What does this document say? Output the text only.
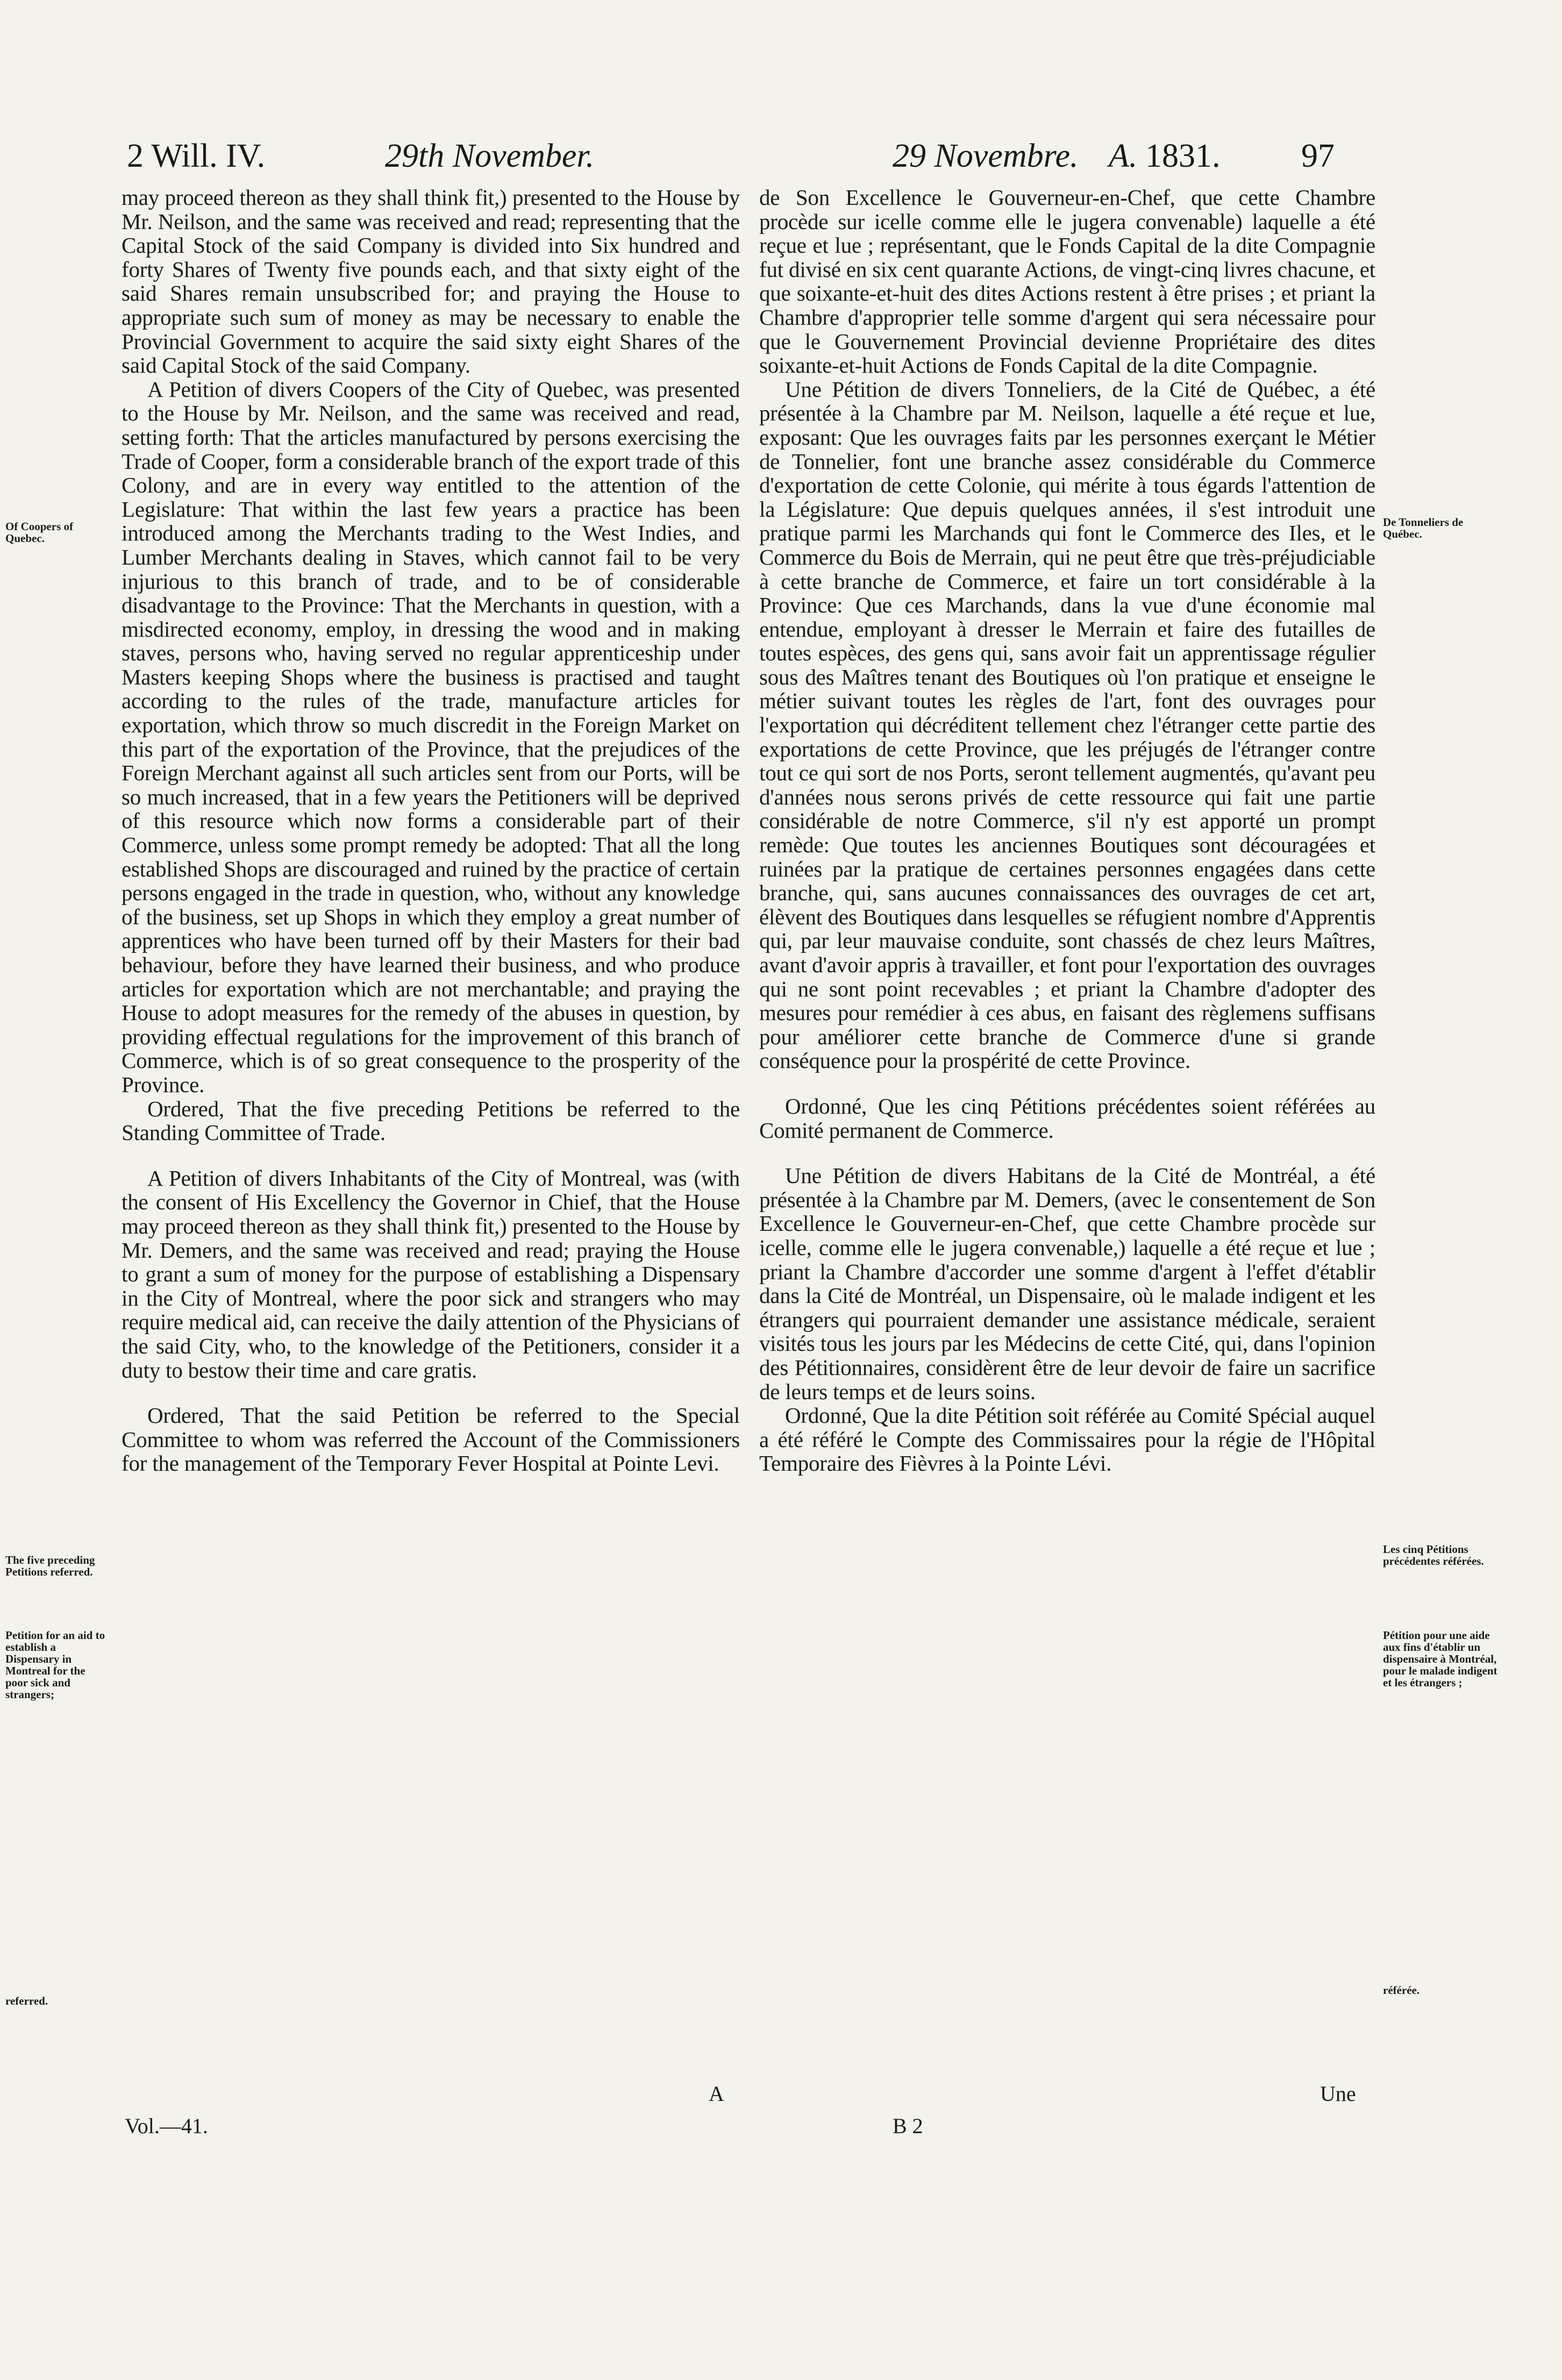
2 Will. IV.	29th November.	29 Novembre. A. 1831. 97

may proceed thereon as they shall think fit,) presented to the House by Mr. Neilson, and the same was received and read; representing that the Capital Stock of the said Company is divided into Six hundred and forty Shares of Twenty five pounds each, and that sixty eight of the said Shares remain unsubscribed for; and praying the House to appropriate such sum of money as may be necessary to enable the Provincial Government to acquire the said sixty eight Shares of the said Capital Stock of the said Company.

A Petition of divers Coopers of the City of Quebec, was presented to the House by Mr. Neilson, and the same was received and read, setting forth: That the articles manufactured by persons exercising the Trade of Cooper, form a considerable branch of the export trade of this Colony, and are in every way entitled to the attention of the Legislature: That within the last few years a practice has been introduced among the Merchants trading to the West Indies, and Lumber Merchants dealing in Staves, which cannot fail to be very injurious to this branch of trade, and to be of considerable disadvantage to the Province: That the Merchants in question, with a misdirected economy, employ, in dressing the wood and in making staves, persons who, having served no regular apprenticeship under Masters keeping Shops where the business is practised and taught according to the rules of the trade, manufacture articles for exportation, which throw so much discredit in the Foreign Market on this part of the exportation of the Province, that the prejudices of the Foreign Merchant against all such articles sent from our Ports, will be so much increased, that in a few years the Petitioners will be deprived of this resource which now forms a considerable part of their Commerce, unless some prompt remedy be adopted: That all the long established Shops are discouraged and ruined by the practice of certain persons engaged in the trade in question, who, without any knowledge of the business, set up Shops in which they employ a great number of apprentices who have been turned off by their Masters for their bad behaviour, before they have learned their business, and who produce articles for exportation which are not merchantable; and praying the House to adopt measures for the remedy of the abuses in question, by providing effectual regulations for the improvement of this branch of Commerce, which is of so great consequence to the prosperity of the Province.

Ordered, That the five preceding Petitions be referred to the Standing Committee of Trade.

A Petition of divers Inhabitants of the City of Montreal, was (with the consent of His Excellency the Governor in Chief, that the House may proceed thereon as they shall think fit,) presented to the House by Mr. Demers, and the same was received and read; praying the House to grant a sum of money for the purpose of establishing a Dispensary in the City of Montreal, where the poor sick and strangers who may require medical aid, can receive the daily attention of the Physicians of the said City, who, to the knowledge of the Petitioners, consider it a duty to bestow their time and care gratis.

Ordered, That the said Petition be referred to the Special Committee to whom was referred the Account of the Commissioners for the management of the Temporary Fever Hospital at Pointe Levi.

de Son Excellence le Gouverneur-en-Chef, que cette Chambre procède sur icelle comme elle le jugera convenable) laquelle a été reçue et lue ; représentant, que le Fonds Capital de la dite Compagnie fut divisé en six cent quarante Actions, de vingt-cinq livres chacune, et que soixante-et-huit des dites Actions restent à être prises ; et priant la Chambre d'approprier telle somme d'argent qui sera nécessaire pour que le Gouvernement Provincial devienne Propriétaire des dites soixante-et-huit Actions de Fonds Capital de la dite Compagnie.

Une Pétition de divers Tonneliers, de la Cité de Québec, a été présentée à la Chambre par M. Neilson, laquelle a été reçue et lue, exposant: Que les ouvrages faits par les personnes exerçant le Métier de Tonnelier, font une branche assez considérable du Commerce d'exportation de cette Colonie, qui mérite à tous égards l'attention de la Législature: Que depuis quelques années, il s'est introduit une pratique parmi les Marchands qui font le Commerce des Iles, et le Commerce du Bois de Merrain, qui ne peut être que très-préjudiciable à cette branche de Commerce, et faire un tort considérable à la Province: Que ces Marchands, dans la vue d'une économie mal entendue, employant à dresser le Merrain et faire des futailles de toutes espèces, des gens qui, sans avoir fait un apprentissage régulier sous des Maîtres tenant des Boutiques où l'on pratique et enseigne le métier suivant toutes les règles de l'art, font des ouvrages pour l'exportation qui décréditent tellement chez l'étranger cette partie des exportations de cette Province, que les préjugés de l'étranger contre tout ce qui sort de nos Ports, seront tellement augmentés, qu'avant peu d'années nous serons privés de cette ressource qui fait une partie considérable de notre Commerce, s'il n'y est apporté un prompt remède: Que toutes les anciennes Boutiques sont découragées et ruinées par la pratique de certaines personnes engagées dans cette branche, qui, sans aucunes connaissances des ouvrages de cet art, élèvent des Boutiques dans lesquelles se réfugient nombre d'Apprentis qui, par leur mauvaise conduite, sont chassés de chez leurs Maîtres, avant d'avoir appris à travailler, et font pour l'exportation des ouvrages qui ne sont point recevables ; et priant la Chambre d'adopter des mesures pour remédier à ces abus, en faisant des règlemens suffisans pour améliorer cette branche de Commerce d'une si grande conséquence pour la prospérité de cette Province.

Ordonné, Que les cinq Pétitions précédentes soient référées au Comité permanent de Commerce.

Une Pétition de divers Habitans de la Cité de Montréal, a été présentée à la Chambre par M. Demers, (avec le consentement de Son Excellence le Gouverneur-en-Chef, que cette Chambre procède sur icelle, comme elle le jugera convenable,) laquelle a été reçue et lue ; priant la Chambre d'accorder une somme d'argent à l'effet d'établir dans la Cité de Montréal, un Dispensaire, où le malade indigent et les étrangers qui pourraient demander une assistance médicale, seraient visités tous les jours par les Médecins de cette Cité, qui, dans l'opinion des Pétitionnaires, considèrent être de leur devoir de faire un sacrifice de leurs temps et de leurs soins.

Ordonné, Que la dite Pétition soit référée au Comité Spécial auquel a été référé le Compte des Commissaires pour la régie de l'Hôpital Temporaire des Fièvres à la Pointe Lévi.

Of Coopers of Quebec.
The five preceding Petitions referred.
Petition for an aid to establish a Dispensary in Montreal for the poor sick and strangers;
referred.
De Tonneliers de Québec.
Les cinq Pétitions précédentes référées.
Pétition pour une aide aux fins d'établir un dispensaire à Montréal, pour le malade indigent et les étrangers ;
référée.
Vol.—41.
A
B 2
Une
